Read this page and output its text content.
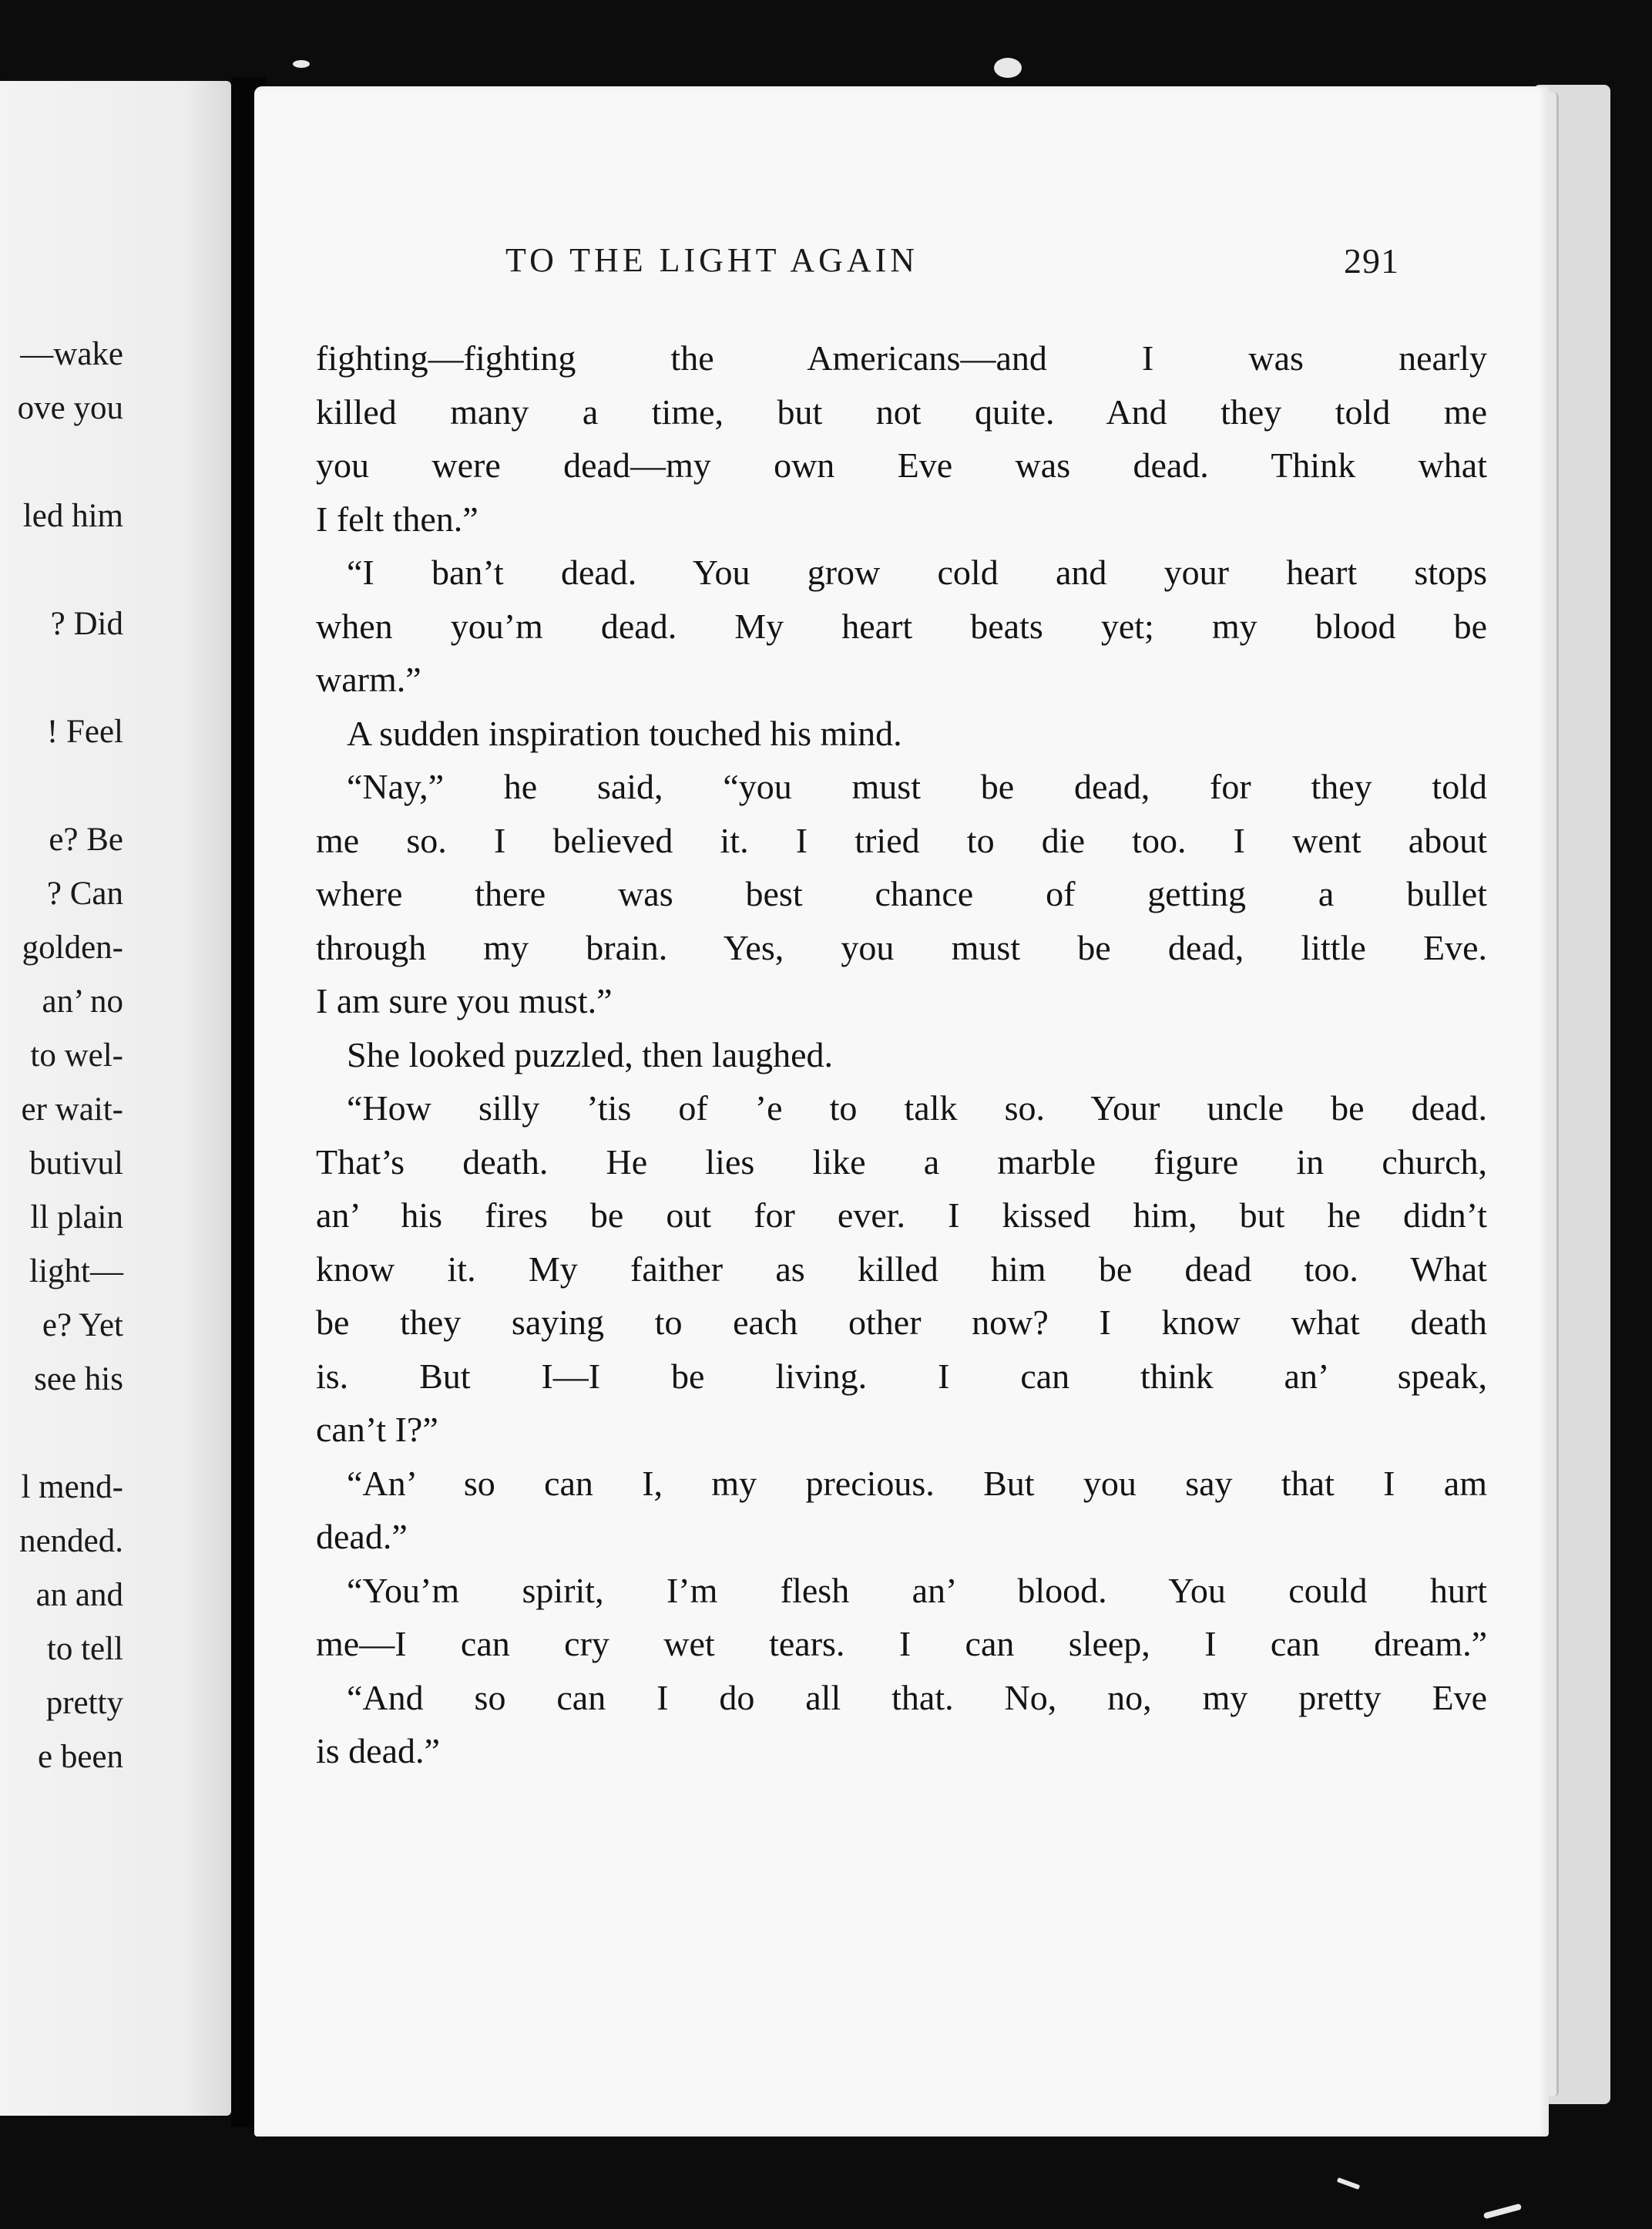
—wake
ove you
led him
? Did
! Feel
e? Be
? Can
golden-
an’ no
to wel-
er wait-
butivul
ll plain
light—
e? Yet
see his
l mend-
nended.
an and
to tell
pretty
e been
TO THE LIGHT AGAIN	291
fighting—fighting the Americans—and I was nearly
killed many a time, but not quite. And they told me
you were dead—my own Eve was dead. Think what
I felt then.”
“I ban’t dead. You grow cold and your heart stops
when you’m dead. My heart beats yet; my blood be
warm.”
A sudden inspiration touched his mind.
“Nay,” he said, “you must be dead, for they told
me so. I believed it. I tried to die too. I went about
where there was best chance of getting a bullet
through my brain. Yes, you must be dead, little Eve.
I am sure you must.”
She looked puzzled, then laughed.
“How silly ’tis of ’e to talk so. Your uncle be dead.
That’s death. He lies like a marble figure in church,
an’ his fires be out for ever. I kissed him, but he didn’t
know it. My faither as killed him be dead too. What
be they saying to each other now? I know what death
is. But I—I be living. I can think an’ speak,
can’t I?”
“An’ so can I, my precious. But you say that I am
dead.”
“You’m spirit, I’m flesh an’ blood. You could hurt
me—I can cry wet tears. I can sleep, I can dream.”
“And so can I do all that. No, no, my pretty Eve
is dead.”
